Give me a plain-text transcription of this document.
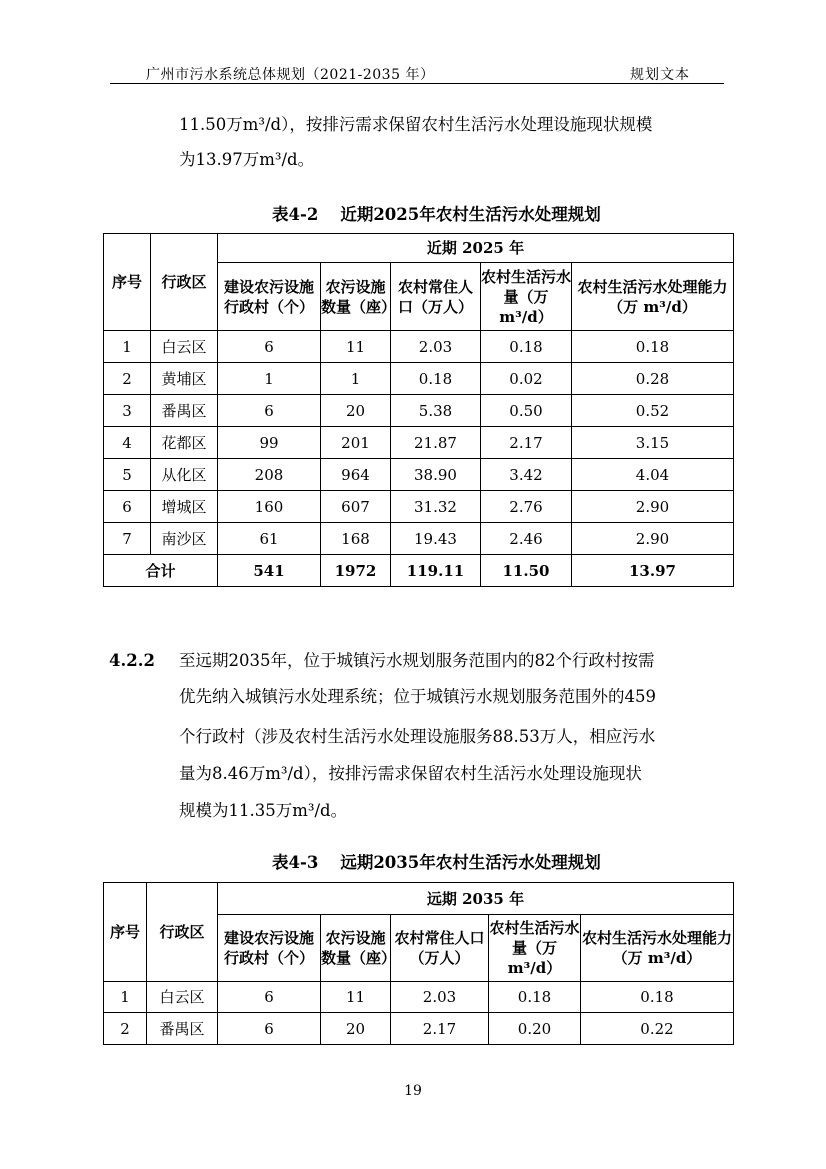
广州市污水系统总体规划（2021-2035 年）	规划文本
11.50万m³/d），按排污需求保留农村生活污水处理设施现状规模
为13.97万m³/d。
表4-2 近期2025年农村生活污水处理规划
序号	行政区	近期 2025 年				
		建设农污设施行政村（个）	农污设施数量（座）	农村常住人口（万人）	农村生活污水量（万 m³/d）	农村生活污水处理能力（万 m³/d）
1	白云区	6	11	2.03	0.18	0.18
2	黄埔区	1	1	0.18	0.02	0.28
3	番禺区	6	20	5.38	0.50	0.52
4	花都区	99	201	21.87	2.17	3.15
5	从化区	208	964	38.90	3.42	4.04
6	增城区	160	607	31.32	2.76	2.90
7	南沙区	61	168	19.43	2.46	2.90
合计		541	1972	119.11	11.50	13.97
4.2.2 至远期2035年，位于城镇污水规划服务范围内的82个行政村按需
优先纳入城镇污水处理系统；位于城镇污水规划服务范围外的459
个行政村（涉及农村生活污水处理设施服务88.53万人，相应污水
量为8.46万m³/d），按排污需求保留农村生活污水处理设施现状
规模为11.35万m³/d。
表4-3 远期2035年农村生活污水处理规划
序号	行政区	远期 2035 年				
		建设农污设施行政村（个）	农污设施数量（座）	农村常住人口（万人）	农村生活污水量（万 m³/d）	农村生活污水处理能力（万 m³/d）
1	白云区	6	11	2.03	0.18	0.18
2	番禺区	6	20	2.17	0.20	0.22
19
